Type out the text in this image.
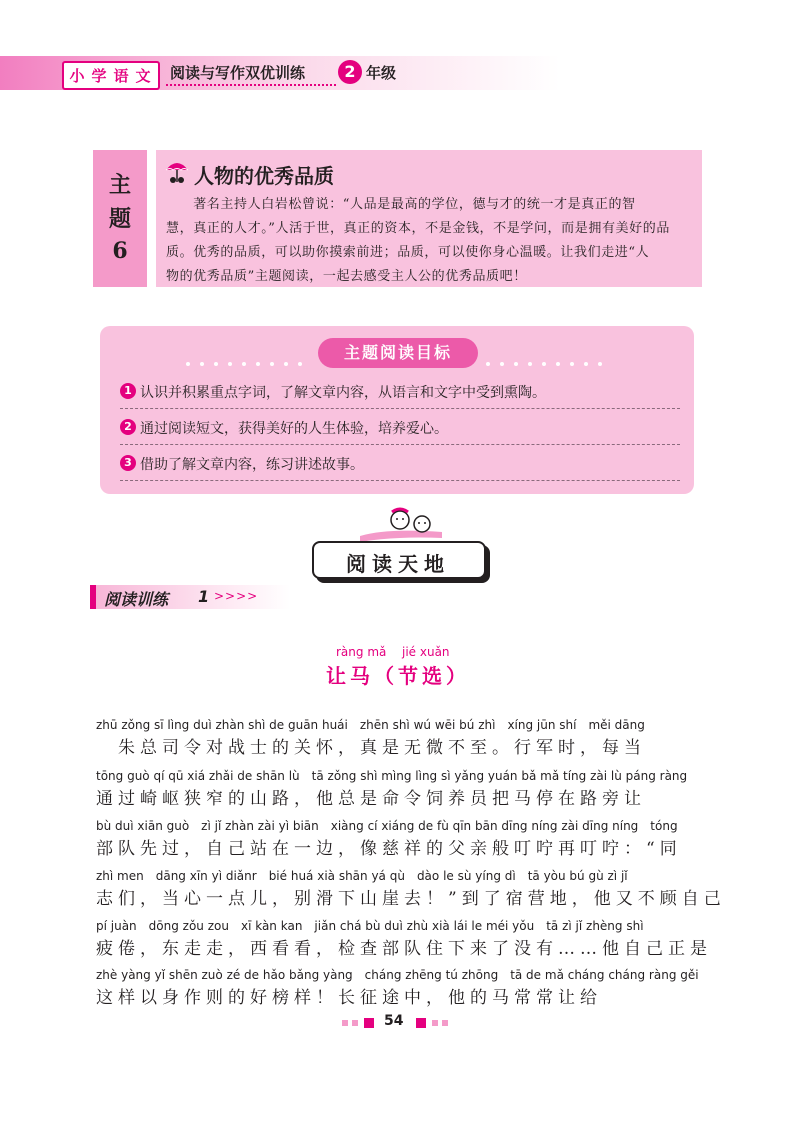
小 学 语 文 阅读与写作双优训练	2 年级
主
题
6
人物的优秀品质
　　著名主持人白岩松曾说：“人品是最高的学位，德与才的统一才是真正的智
慧，真正的人才。”人活于世，真正的资本，不是金钱，不是学问，而是拥有美好的品
质。优秀的品质，可以助你摸索前进；品质，可以使你身心温暖。让我们走进“人
物的优秀品质”主题阅读，一起去感受主人公的优秀品质吧！
主题阅读目标
1 认识并积累重点字词，了解文章内容，从语言和文字中受到熏陶。
2 通过阅读短文，获得美好的人生体验，培养爱心。
3 借助了解文章内容，练习讲述故事。
阅读天地
阅读训练 1 >>>>
ràng mǎ jié xuǎn
让马（节选）
zhū zǒng sī lìng duì zhàn shì de guān huái　zhēn shì wú wēi bú zhì　xíng jūn shí　měi dāng
　朱总司令对战士的关怀，真是无微不至。行军时，每当
tōng guò qí qū xiá zhǎi de shān lù　tā zǒng shì mìng lìng sì yǎng yuán bǎ mǎ tíng zài lù páng ràng
通过崎岖狭窄的山路，他总是命令饲养员把马停在路旁让
bù duì xiān guò　zì jǐ zhàn zài yì biān　xiàng cí xiáng de fù qīn bān dīng níng zài dīng níng　tóng
部队先过，自己站在一边，像慈祥的父亲般叮咛再叮咛：“同
zhì men　dāng xīn yì diǎnr　bié huá xià shān yá qù　dào le sù yíng dì　tā yòu bú gù zì jǐ
志们，当心一点儿，别滑下山崖去！”到了宿营地，他又不顾自己
pí juàn　dōng zǒu zou　xī kàn kan　jiǎn chá bù duì zhù xià lái le méi yǒu　tā zì jǐ zhèng shì
疲倦，东走走，西看看，检查部队住下来了没有……他自己正是
zhè yàng yǐ shēn zuò zé de hǎo bǎng yàng　cháng zhēng tú zhōng　tā de mǎ cháng cháng ràng gěi
这样以身作则的好榜样！长征途中，他的马常常让给
54
